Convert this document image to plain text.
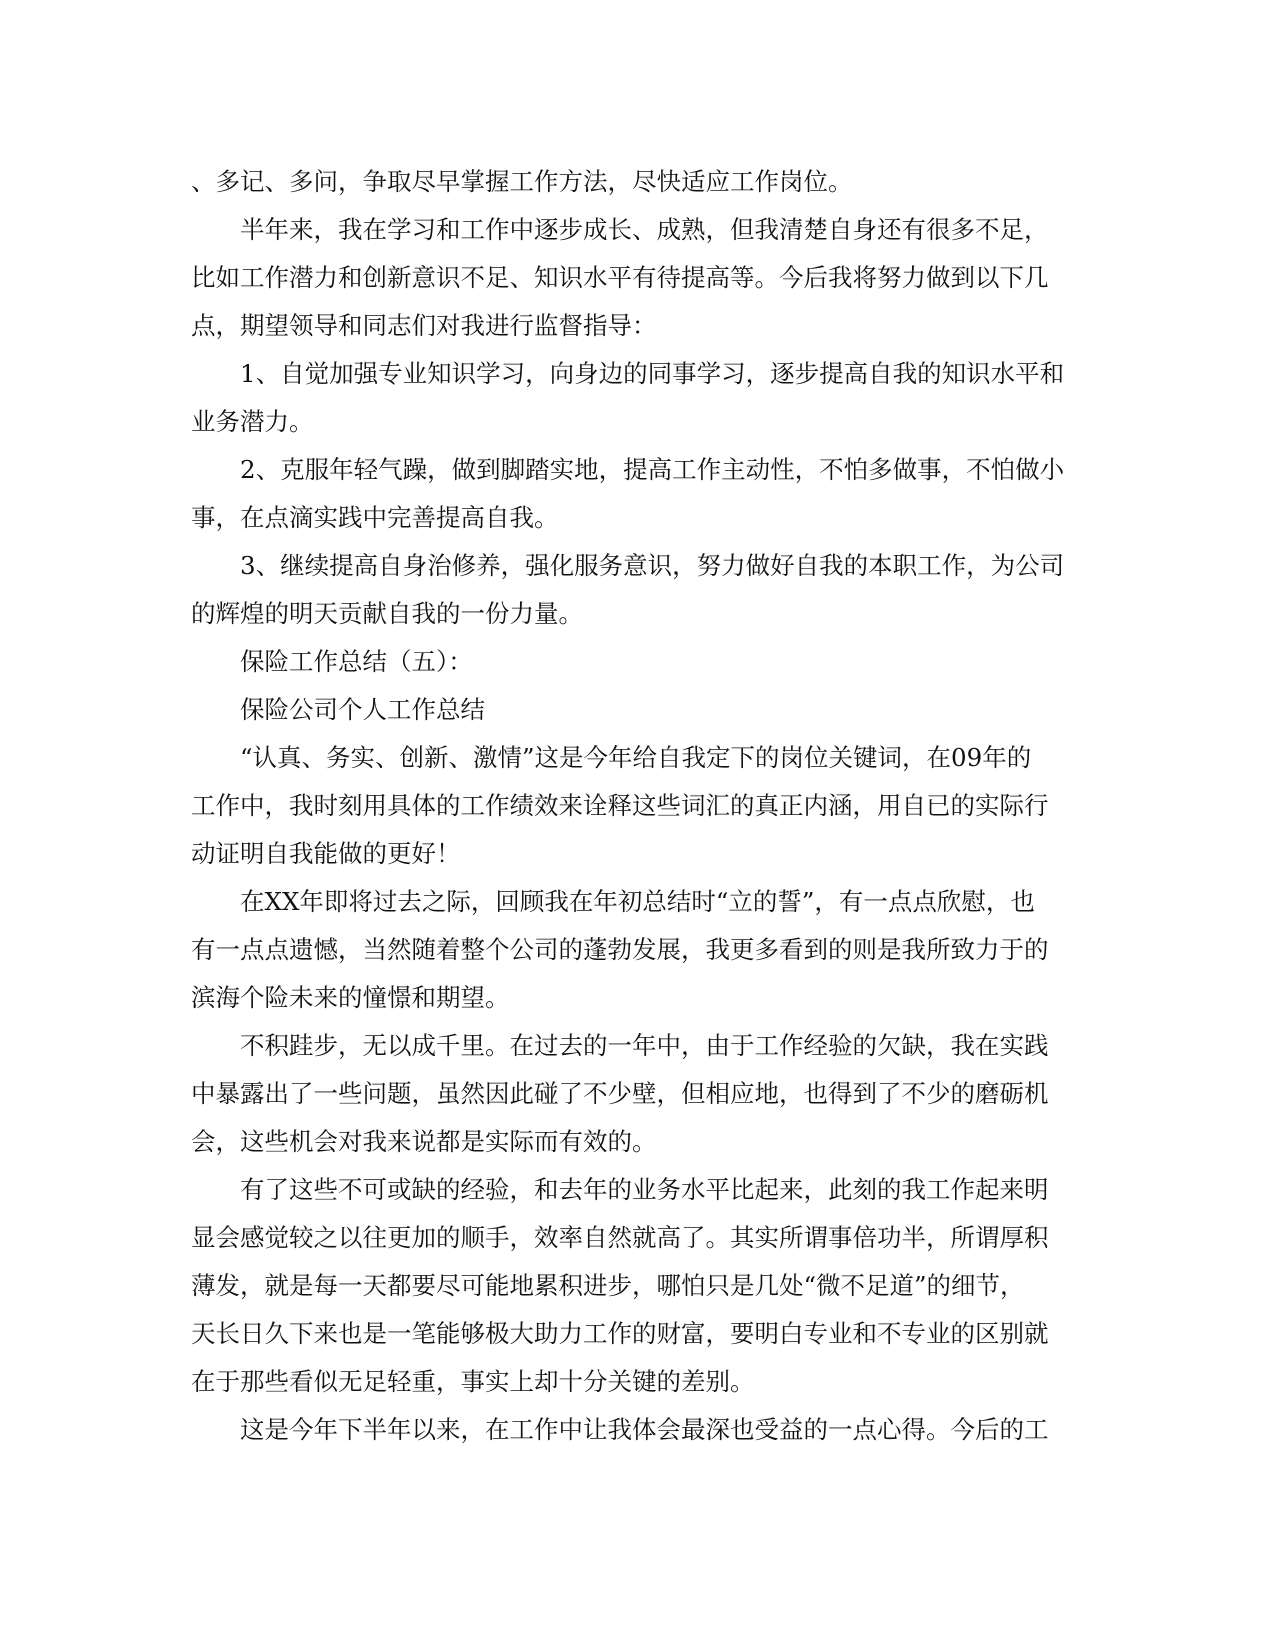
、多记、多问，争取尽早掌握工作方法，尽快适应工作岗位。
半年来，我在学习和工作中逐步成长、成熟，但我清楚自身还有很多不足，
比如工作潜力和创新意识不足、知识水平有待提高等。今后我将努力做到以下几
点，期望领导和同志们对我进行监督指导：
1、自觉加强专业知识学习，向身边的同事学习，逐步提高自我的知识水平和
业务潜力。
2、克服年轻气躁，做到脚踏实地，提高工作主动性，不怕多做事，不怕做小
事，在点滴实践中完善提高自我。
3、继续提高自身治修养，强化服务意识，努力做好自我的本职工作，为公司
的辉煌的明天贡献自我的一份力量。
保险工作总结（五）：
保险公司个人工作总结
“认真、务实、创新、激情”这是今年给自我定下的岗位关键词，在09年的
工作中，我时刻用具体的工作绩效来诠释这些词汇的真正内涵，用自已的实际行
动证明自我能做的更好！
在XX年即将过去之际，回顾我在年初总结时“立的誓”，有一点点欣慰，也
有一点点遗憾，当然随着整个公司的蓬勃发展，我更多看到的则是我所致力于的
滨海个险未来的憧憬和期望。
不积跬步，无以成千里。在过去的一年中，由于工作经验的欠缺，我在实践
中暴露出了一些问题，虽然因此碰了不少壁，但相应地，也得到了不少的磨砺机
会，这些机会对我来说都是实际而有效的。
有了这些不可或缺的经验，和去年的业务水平比起来，此刻的我工作起来明
显会感觉较之以往更加的顺手，效率自然就高了。其实所谓事倍功半，所谓厚积
薄发，就是每一天都要尽可能地累积进步，哪怕只是几处“微不足道”的细节，
天长日久下来也是一笔能够极大助力工作的财富，要明白专业和不专业的区别就
在于那些看似无足轻重，事实上却十分关键的差别。
这是今年下半年以来，在工作中让我体会最深也受益的一点心得。今后的工
